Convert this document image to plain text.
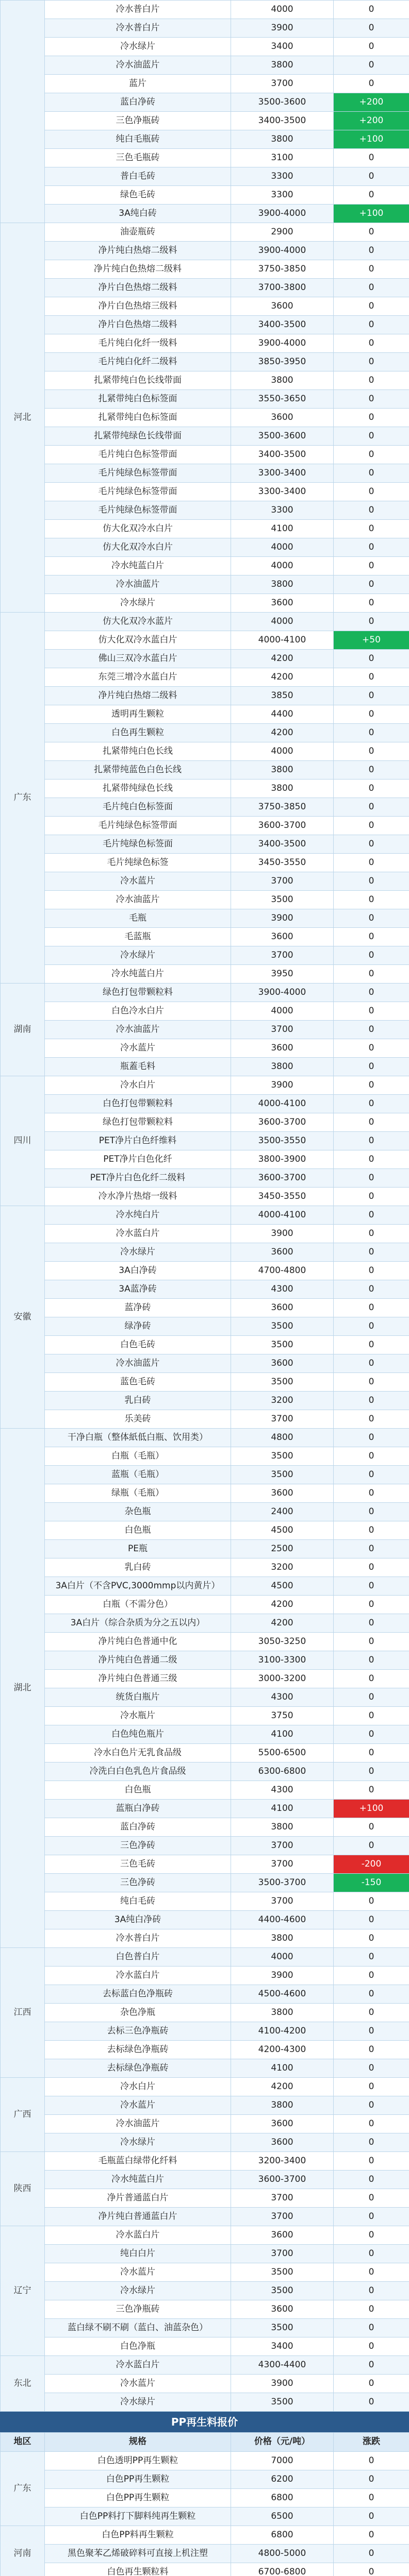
	冷水普白片	4000	0
	冷水普白片	3900	0
	冷水绿片	3400	0
	冷水油蓝片	3800	0
	蓝片	3700	0
	蓝白净砖	3500-3600	+200
	三色净瓶砖	3400-3500	+200
	纯白毛瓶砖	3800	+100
	三色毛瓶砖	3100	0
	普白毛砖	3300	0
	绿色毛砖	3300	0
	3A纯白砖	3900-4000	+100
河北	油壶瓶砖	2900	0
	净片纯白热熔二级料	3900-4000	0
	净片纯白色热熔二级料	3750-3850	0
	净片白色热熔二级料	3700-3800	0
	净片白色热熔三级料	3600	0
	净片白色热熔二级料	3400-3500	0
	毛片纯白化纤一级料	3900-4000	0
	毛片纯白化纤二级料	3850-3950	0
	扎紧带纯白色长线带面	3800	0
	扎紧带纯白色标签面	3550-3650	0
	扎紧带纯白色标签面	3600	0
	扎紧带纯绿色长线带面	3500-3600	0
	毛片纯白色标签带面	3400-3500	0
	毛片纯绿色标签带面	3300-3400	0
	毛片纯绿色标签带面	3300-3400	0
	毛片纯绿色标签带面	3300	0
	仿大化双冷水白片	4100	0
	仿大化双冷水白片	4000	0
	冷水纯蓝白片	4000	0
	冷水油蓝片	3800	0
	冷水绿片	3600	0
广东	仿大化双冷水蓝片	4000	0
	仿大化双冷水蓝白片	4000-4100	+50
	佛山三双冷水蓝白片	4200	0
	东莞三增冷水蓝白片	4200	0
	净片纯白热熔二级料	3850	0
	透明再生颗粒	4400	0
	白色再生颗粒	4200	0
	扎紧带纯白色长线	4000	0
	扎紧带纯蓝色白色长线	3800	0
	扎紧带纯绿色长线	3800	0
	毛片纯白色标签面	3750-3850	0
	毛片纯绿色标签带面	3600-3700	0
	毛片纯绿色标签面	3400-3500	0
	毛片纯绿色标签	3450-3550	0
	冷水蓝片	3700	0
	冷水油蓝片	3500	0
	毛瓶	3900	0
	毛蓝瓶	3600	0
	冷水绿片	3700	0
	冷水纯蓝白片	3950	0
湖南	绿色打包带颗粒料	3900-4000	0
	白色冷水白片	4000	0
	冷水油蓝片	3700	0
	冷水蓝片	3600	0
	瓶蓋毛料	3800	0
四川	冷水白片	3900	0
	白色打包带颗粒料	4000-4100	0
	绿色打包带颗粒料	3600-3700	0
	PET净片白色纤维料	3500-3550	0
	PET净片白色化纤	3800-3900	0
	PET净片白色化纤二级料	3600-3700	0
	冷水净片热熔一级料	3450-3550	0
安徽	冷水纯白片	4000-4100	0
	冷水蓝白片	3900	0
	冷水绿片	3600	0
	3A白净砖	4700-4800	0
	3A蓝净砖	4300	0
	蓝净砖	3600	0
	绿净砖	3500	0
	白色毛砖	3500	0
	冷水油蓝片	3600	0
	蓝色毛砖	3500	0
	乳白砖	3200	0
	乐美砖	3700	0
湖北	干净白瓶（整体紙低白瓶、饮用类）	4800	0
	白瓶（毛瓶）	3500	0
	蓝瓶（毛瓶）	3500	0
	绿瓶（毛瓶）	3600	0
	杂色瓶	2400	0
	白色瓶	4500	0
	PE瓶	2500	0
	乳白砖	3200	0
	3A白片（不含PVC,3000mmp以内黄片）	4500	0
	白瓶（不需分色）	4200	0
	3A白片（综合杂质为分之五以内）	4200	0
	净片纯白色普通中化	3050-3250	0
	净片纯白色普通二级	3100-3300	0
	净片纯白色普通三级	3000-3200	0
	统货白瓶片	4300	0
	冷水瓶片	3750	0
	白色纯色瓶片	4100	0
	冷水白色片无乳食品级	5500-6500	0
	冷洗白白色乳色片食品级	6300-6800	0
	白色瓶	4300	0
	蓝瓶白净砖	4100	+100
	蓝白净砖	3800	0
	三色净砖	3700	0
	三色毛砖	3700	-200
	三色净砖	3500-3700	-150
	纯白毛砖	3700	0
	3A纯白净砖	4400-4600	0
	冷水普白片	3800	0
江西	白色普白片	4000	0
	冷水蓝白片	3900	0
	去标蓝白色净瓶砖	4500-4600	0
	杂色净瓶	3800	0
	去标三色净瓶砖	4100-4200	0
	去标绿色净瓶砖	4200-4300	0
	去标绿色净瓶砖	4100	0
广西	冷水白片	4200	0
	冷水蓝片	3800	0
	冷水油蓝片	3600	0
	冷水绿片	3600	0
陕西	毛瓶蓝白绿带化纤料	3200-3400	0
	冷水纯蓝白片	3600-3700	0
	净片普通蓝白片	3700	0
	净片纯白普通蓝白片	3700	0
辽宁	冷水蓝白片	3600	0
	纯白白片	3700	0
	冷水蓝片	3500	0
	冷水绿片	3500	0
	三色净瓶砖	3600	0
	蓝白绿不刷不刷（蓝白、油蓝杂色）	3500	0
	白色净瓶	3400	0
东北	冷水蓝白片	4300-4400	0
	冷水蓝片	3900	0
	冷水绿片	3500	0
PP再生料报价
地区	规格	价格（元/吨）	涨跌
广东	白色透明PP再生颗粒	7000	0
	白色PP再生颗粒	6200	0
	白色PP再生颗粒	6800	0
	白色PP料打下脚料纯再生颗粒	6500	0
河南	白色PP料再生颗粒	6800	0
	黑色聚苯乙烯破碎料可直接上机注塑	4800-5000	0
	白色再生颗粒料	6700-6800	0
